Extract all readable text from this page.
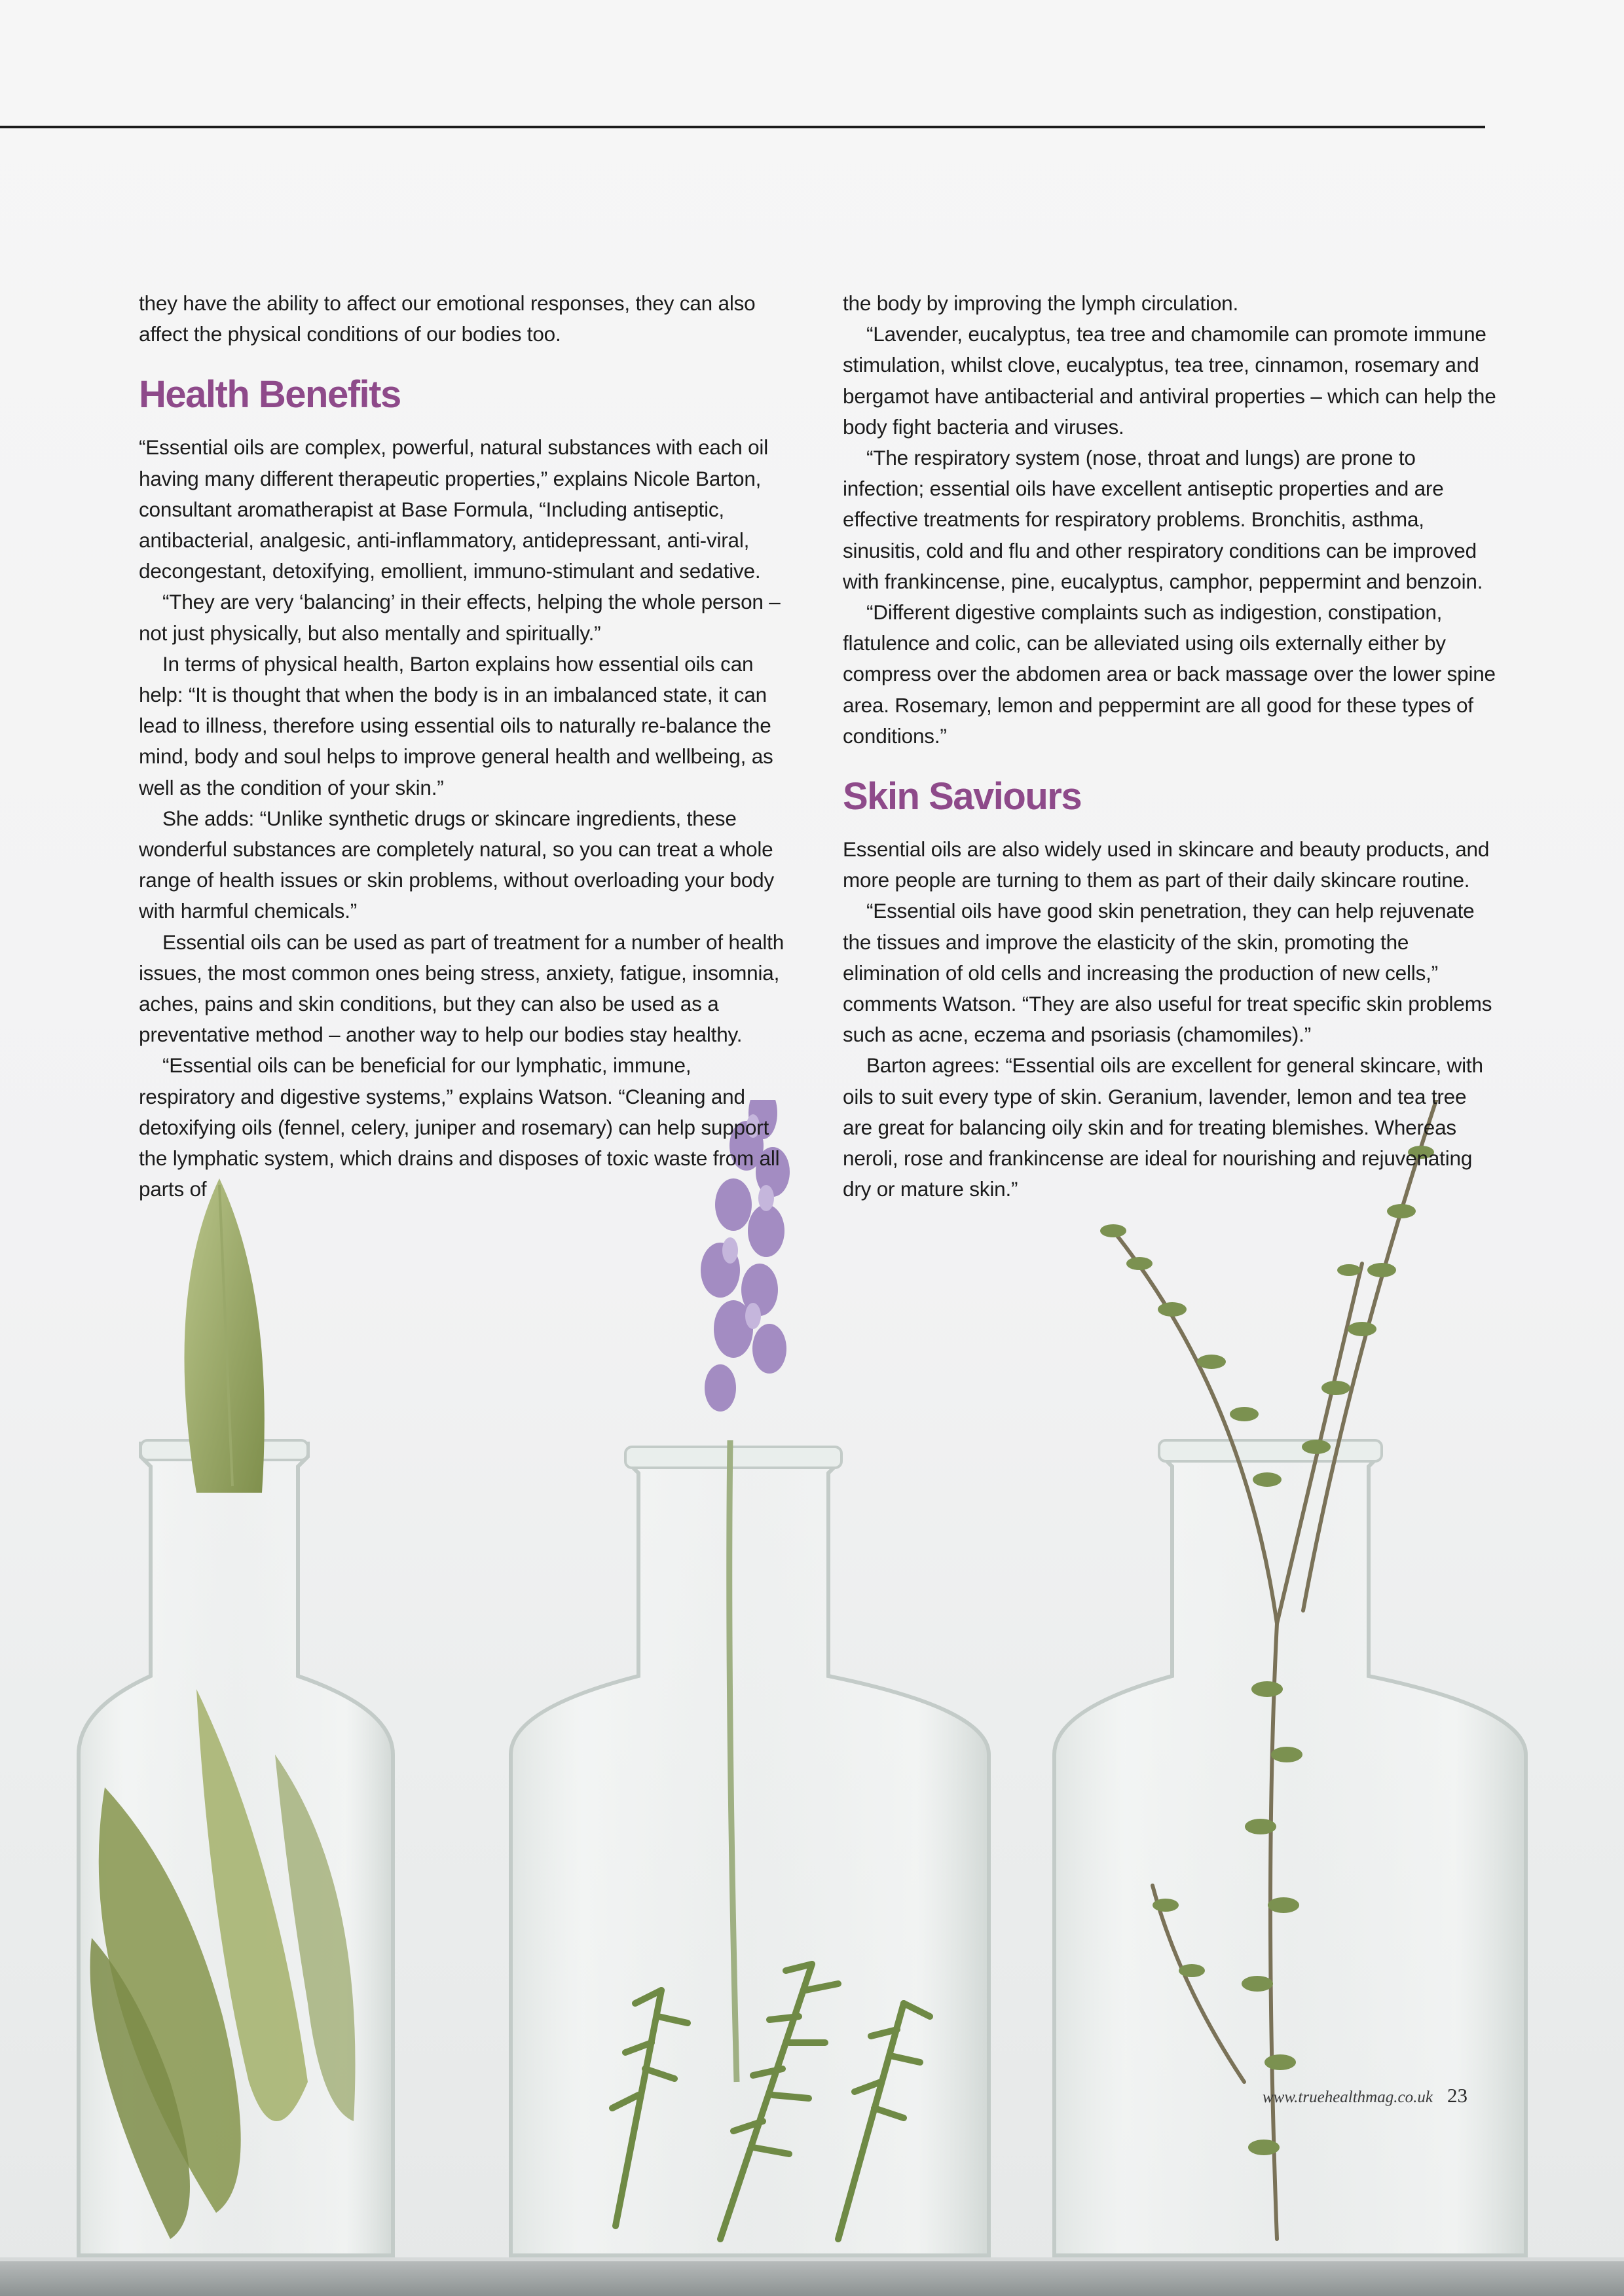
they have the ability to affect our emotional responses, they can also affect the physical conditions of our bodies too.

Health Benefits

“Essential oils are complex, powerful, natural substances with each oil having many different therapeutic properties,” explains Nicole Barton, consultant aromatherapist at Base Formula, “Including antiseptic, antibacterial, analgesic, anti-inflammatory, antidepressant, anti-viral, decongestant, detoxifying, emollient, immuno-stimulant and sedative.

“They are very ‘balancing’ in their effects, helping the whole person – not just physically, but also mentally and spiritually.”

In terms of physical health, Barton explains how essential oils can help: “It is thought that when the body is in an imbalanced state, it can lead to illness, therefore using essential oils to naturally re-balance the mind, body and soul helps to improve general health and wellbeing, as well as the condition of your skin.”

She adds: “Unlike synthetic drugs or skincare ingredients, these wonderful substances are completely natural, so you can treat a whole range of health issues or skin problems, without overloading your body with harmful chemicals.”

Essential oils can be used as part of treatment for a number of health issues, the most common ones being stress, anxiety, fatigue, insomnia, aches, pains and skin conditions, but they can also be used as a preventative method – another way to help our bodies stay healthy.

“Essential oils can be beneficial for our lymphatic, immune, respiratory and digestive systems,” explains Watson. “Cleaning and detoxifying oils (fennel, celery, juniper and rosemary) can help support the lymphatic system, which drains and disposes of toxic waste from all parts of

the body by improving the lymph circulation.

“Lavender, eucalyptus, tea tree and chamomile can promote immune stimulation, whilst clove, eucalyptus, tea tree, cinnamon, rosemary and bergamot have antibacterial and antiviral properties – which can help the body fight bacteria and viruses.

“The respiratory system (nose, throat and lungs) are prone to infection; essential oils have excellent antiseptic properties and are effective treatments for respiratory problems. Bronchitis, asthma, sinusitis, cold and flu and other respiratory conditions can be improved with frankincense, pine, eucalyptus, camphor, peppermint and benzoin.

“Different digestive complaints such as indigestion, constipation, flatulence and colic, can be alleviated using oils externally either by compress over the abdomen area or back massage over the lower spine area. Rosemary, lemon and peppermint are all good for these types of conditions.”

Skin Saviours

Essential oils are also widely used in skincare and beauty products, and more people are turning to them as part of their daily skincare routine.

“Essential oils have good skin penetration, they can help rejuvenate the tissues and improve the elasticity of the skin, promoting the elimination of old cells and increasing the production of new cells,” comments Watson. “They are also useful for treat specific skin problems such as acne, eczema and psoriasis (chamomiles).”

Barton agrees: “Essential oils are excellent for general skincare, with oils to suit every type of skin. Geranium, lavender, lemon and tea tree are great for balancing oily skin and for treating blemishes. Whereas neroli, rose and frankincense are ideal for nourishing and rejuvenating dry or mature skin.”

www.truehealthmag.co.uk 23
